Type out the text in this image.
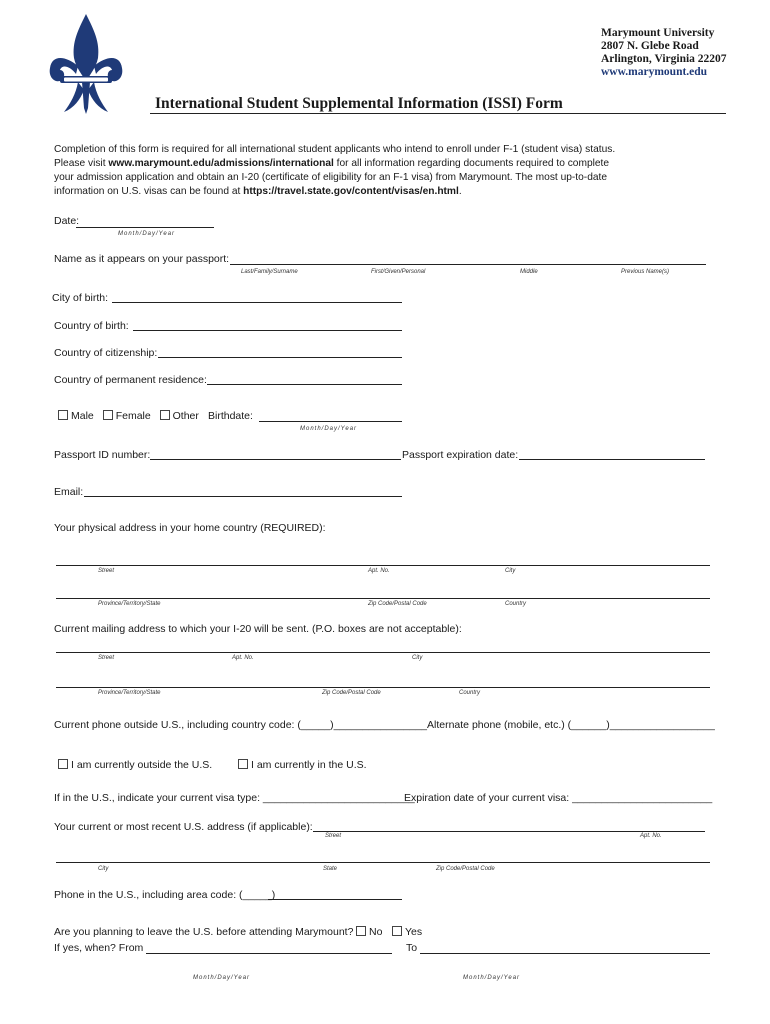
Marymount University
2807 N. Glebe Road
Arlington, Virginia 22207
www.marymount.edu
International Student Supplemental Information (ISSI) Form
Completion of this form is required for all international student applicants who intend to enroll under F-1 (student visa) status.
Please visit www.marymount.edu/admissions/international for all information regarding documents required to complete
your admission application and obtain an I-20 (certificate of eligibility for an F-1 visa) from Marymount. The most up-to-date
information on U.S. visas can be found at https://travel.state.gov/content/visas/en.html.
Date:
Month/Day/Year
Name as it appears on your passport:
Last/Family/Surname	First/Given/Personal	Middle	Previous Name(s)
City of birth:
Country of birth:
Country of citizenship:
Country of permanent residence:
Male Female Other Birthdate:
Month/Day/Year
Passport ID number:	Passport expiration date:
Email:
Your physical address in your home country (REQUIRED):
Street	Apt. No.	City
Province/Territory/State	Zip Code/Postal Code	Country
Current mailing address to which your I-20 will be sent. (P.O. boxes are not acceptable):
Street	Apt. No.	City
Province/Territory/State	Zip Code/Postal Code	Country
Current phone outside U.S., including country code: (_____)________________ Alternate phone (mobile, etc.) (______)__________________
I am currently outside the U.S.	I am currently in the U.S.
If in the U.S., indicate your current visa type: __________________________
Expiration date of your current visa: ________________________
Your current or most recent U.S. address (if applicable):
Street	Apt. No.
City	State	Zip Code/Postal Code
Phone in the U.S., including area code: (_____)
Are you planning to leave the U.S. before attending Marymount?	No	Yes
If yes, when? From	To
Month/Day/Year	Month/Day/Year
